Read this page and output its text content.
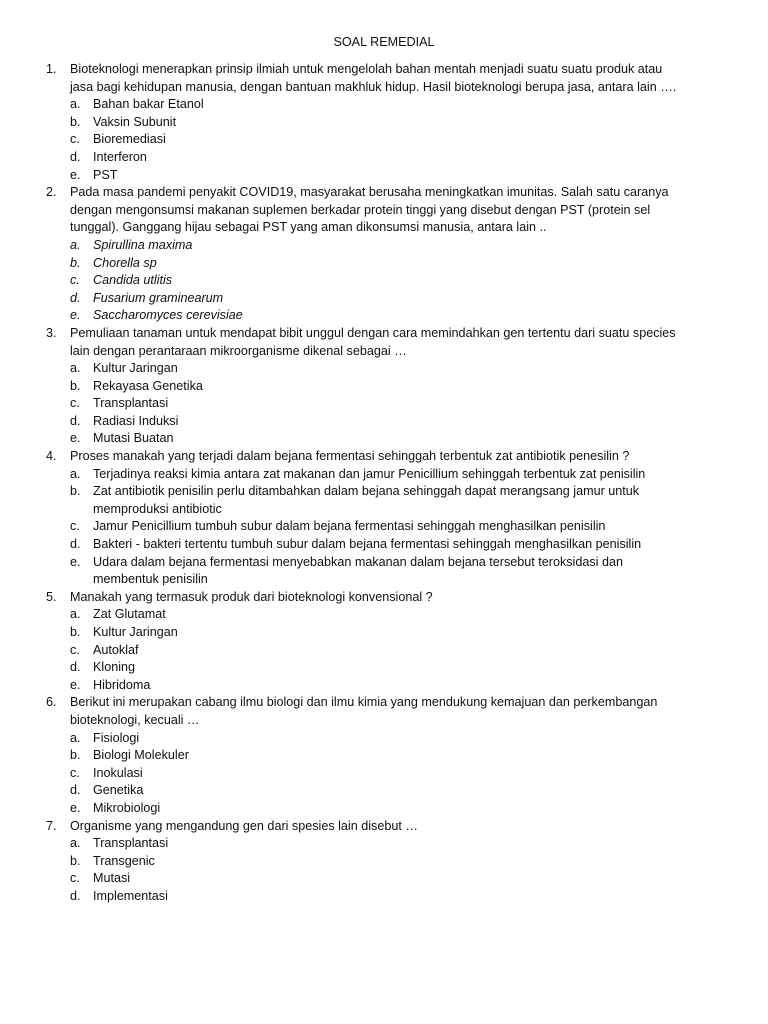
SOAL REMEDIAL
1. Bioteknologi menerapkan prinsip ilmiah untuk mengelolah bahan mentah menjadi suatu suatu produk atau jasa bagi kehidupan manusia, dengan bantuan makhluk hidup. Hasil bioteknologi berupa jasa, antara lain ….
a. Bahan bakar Etanol
b. Vaksin Subunit
c. Bioremediasi
d. Interferon
e. PST
2. Pada masa pandemi penyakit COVID19, masyarakat berusaha meningkatkan imunitas. Salah satu caranya dengan mengonsumsi makanan suplemen berkadar protein tinggi yang disebut dengan PST (protein sel tunggal). Ganggang hijau sebagai PST yang aman dikonsumsi manusia, antara lain ..
a. Spirullina maxima
b. Chorella sp
c. Candida utlitis
d. Fusarium graminearum
e. Saccharomyces cerevisiae
3. Pemuliaan tanaman untuk mendapat bibit unggul dengan cara memindahkan gen tertentu dari suatu species lain dengan perantaraan mikroorganisme dikenal sebagai …
a. Kultur Jaringan
b. Rekayasa Genetika
c. Transplantasi
d. Radiasi Induksi
e. Mutasi Buatan
4. Proses manakah yang terjadi dalam bejana fermentasi sehinggah terbentuk zat antibiotik penesilin ?
a. Terjadinya reaksi kimia antara zat makanan dan jamur Penicillium sehinggah terbentuk zat penisilin
b. Zat antibiotik penisilin perlu ditambahkan dalam bejana sehinggah dapat merangsang jamur untuk memproduksi antibiotic
c. Jamur Penicillium tumbuh subur dalam bejana fermentasi sehinggah menghasilkan penisilin
d. Bakteri - bakteri tertentu tumbuh subur dalam bejana fermentasi sehinggah menghasilkan penisilin
e. Udara dalam bejana fermentasi menyebabkan makanan dalam bejana tersebut teroksidasi dan membentuk penisilin
5. Manakah yang termasuk produk dari bioteknologi konvensional ?
a. Zat Glutamat
b. Kultur Jaringan
c. Autoklaf
d. Kloning
e. Hibridoma
6. Berikut ini merupakan cabang ilmu biologi dan ilmu kimia yang mendukung kemajuan dan perkembangan bioteknologi, kecuali …
a. Fisiologi
b. Biologi Molekuler
c. Inokulasi
d. Genetika
e. Mikrobiologi
7. Organisme yang mengandung gen dari spesies lain disebut …
a. Transplantasi
b. Transgenic
c. Mutasi
d. Implementasi
